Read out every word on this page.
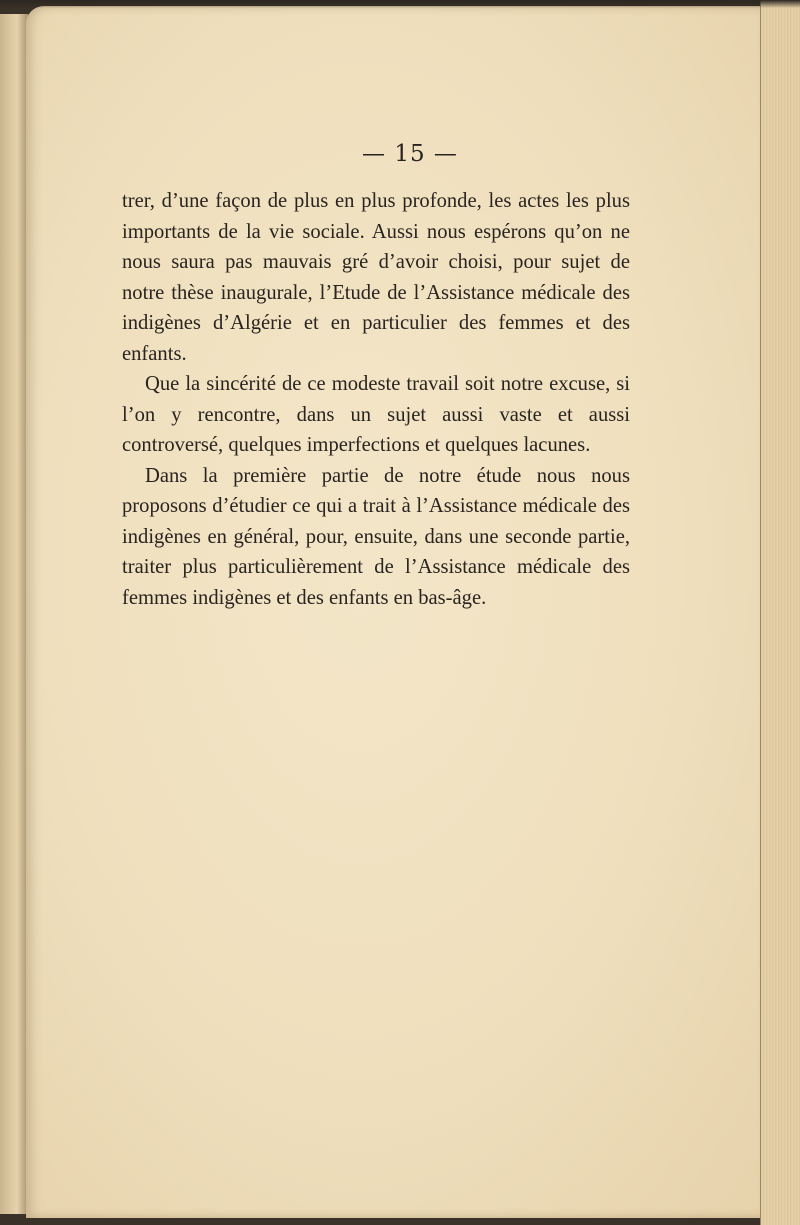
— 15 —

trer, d’une façon de plus en plus profonde, les actes les plus importants de la vie sociale. Aussi nous espérons qu’on ne nous saura pas mauvais gré d’avoir choisi, pour sujet de notre thèse inaugurale, l’Etude de l’Assistance médicale des indigènes d’Algérie et en particulier des femmes et des enfants.

Que la sincérité de ce modeste travail soit notre excuse, si l’on y rencontre, dans un sujet aussi vaste et aussi controversé, quelques imperfections et quelques lacunes.

Dans la première partie de notre étude nous nous proposons d’étudier ce qui a trait à l’Assistance médicale des indigènes en général, pour, ensuite, dans une seconde partie, traiter plus particulièrement de l’Assistance médicale des femmes indigènes et des enfants en bas-âge.
